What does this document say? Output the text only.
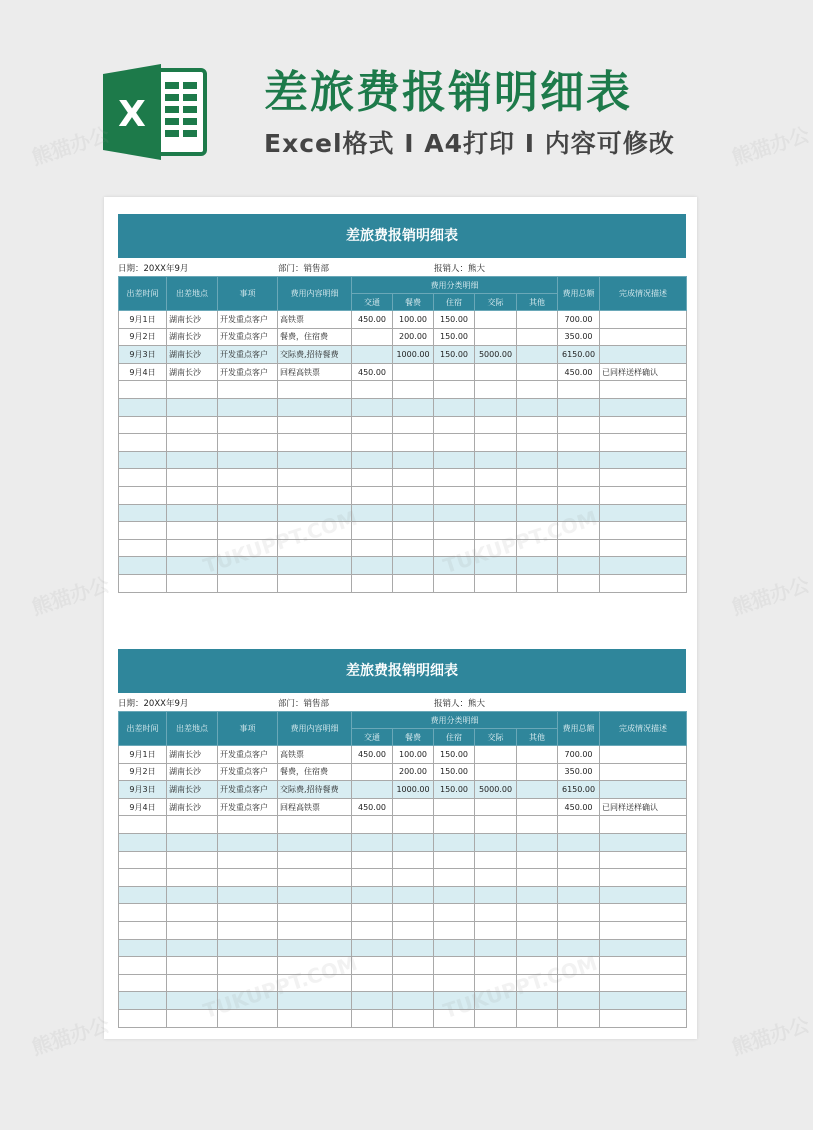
X	差旅费报销明细表
Excel格式 I A4打印 I 内容可修改
差旅费报销明细表
日期：20XX年9月	部门：销售部	报销人：熊大
出差时间	出差地点	事项	费用内容明细	费用分类明细					费用总额	完成情况描述
				交通	餐费	住宿	交际	其他		
9月1日	湖南长沙	开发重点客户	高铁票	450.00	100.00	150.00			700.00	
9月2日	湖南长沙	开发重点客户	餐费，住宿费		200.00	150.00			350.00	
9月3日	湖南长沙	开发重点客户	交际费,招待餐费		1000.00	150.00	5000.00		6150.00	
9月4日	湖南长沙	开发重点客户	回程高铁票	450.00					450.00	已同样送样确认

差旅费报销明细表
日期：20XX年9月	部门：销售部	报销人：熊大
出差时间	出差地点	事项	费用内容明细	费用分类明细					费用总额	完成情况描述
				交通	餐费	住宿	交际	其他		
9月1日	湖南长沙	开发重点客户	高铁票	450.00	100.00	150.00			700.00	
9月2日	湖南长沙	开发重点客户	餐费，住宿费		200.00	150.00			350.00	
9月3日	湖南长沙	开发重点客户	交际费,招待餐费		1000.00	150.00	5000.00		6150.00	
9月4日	湖南长沙	开发重点客户	回程高铁票	450.00					450.00	已同样送样确认

熊猫办公	熊猫办公
熊猫办公	熊猫办公
熊猫办公	熊猫办公
